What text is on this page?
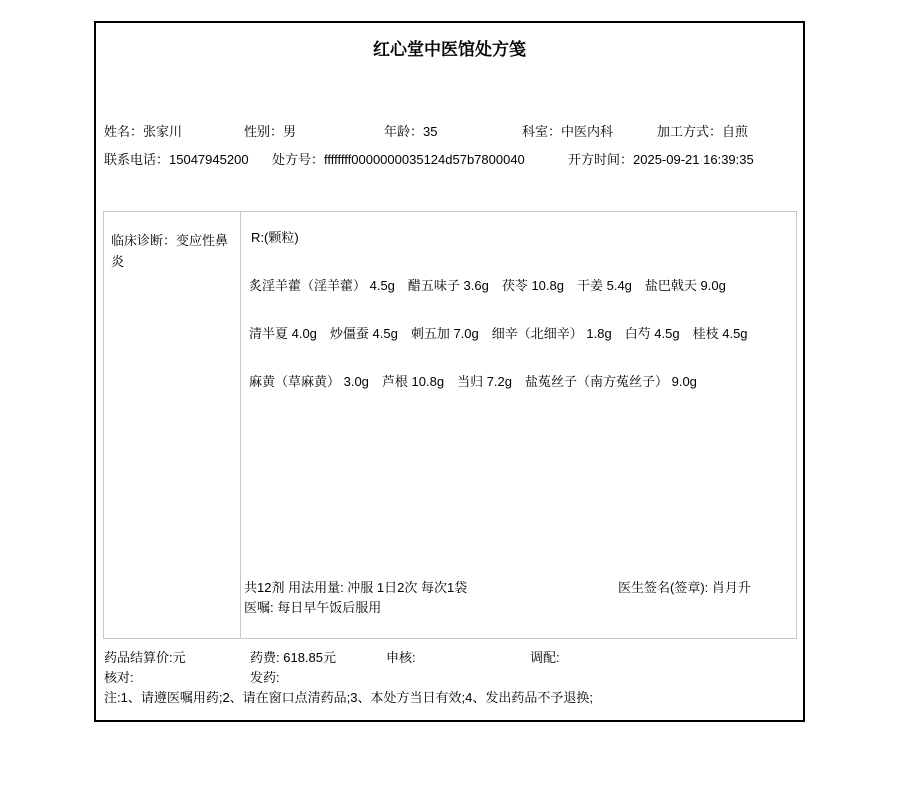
红心堂中医馆处方笺
姓名：张家川	性别：男	年龄：35	科室：中医内科	加工方式：自煎
联系电话：15047945200 处方号：ffffffff0000000035124d57b7800040	开方时间：2025-09-21 16:39:35
临床诊断：变应性鼻炎
R:(颗粒)
炙淫羊藿（淫羊藿） 4.5g 醋五味子 3.6g 茯苓 10.8g 干姜 5.4g 盐巴戟天 9.0g
清半夏 4.0g 炒僵蚕 4.5g 刺五加 7.0g 细辛（北细辛） 1.8g 白芍 4.5g 桂枝 4.5g
麻黄（草麻黄） 3.0g 芦根 10.8g 当归 7.2g 盐菟丝子（南方菟丝子） 9.0g
共12剂 用法用量: 冲服 1日2次 每次1袋	医生签名(签章): 肖月升
医嘱: 每日早午饭后服用
药品结算价:元	药费: 618.85元	申核:	调配:
核对:	发药:
注:1、请遵医嘱用药;2、请在窗口点清药品;3、本处方当日有效;4、发出药品不予退换;
